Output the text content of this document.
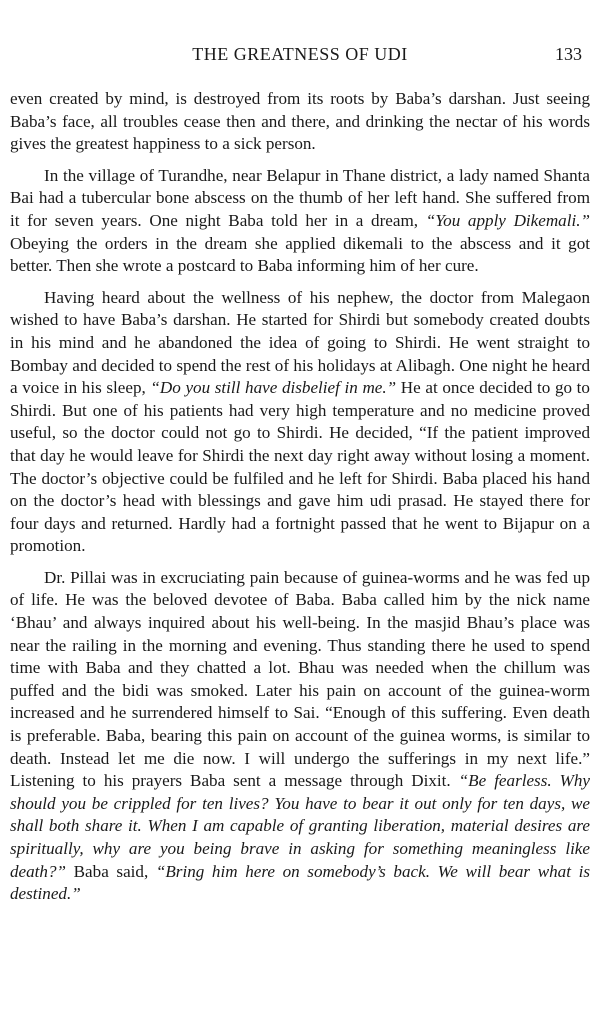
THE GREATNESS OF UDI	133

even created by mind, is destroyed from its roots by Baba’s darshan. Just seeing Baba’s face, all troubles cease then and there, and drinking the nectar of his words gives the greatest happiness to a sick person.

In the village of Turandhe, near Belapur in Thane district, a lady named Shanta Bai had a tubercular bone abscess on the thumb of her left hand. She suffered from it for seven years. One night Baba told her in a dream, “You apply Dikemali.” Obeying the orders in the dream she applied dikemali to the abscess and it got better. Then she wrote a postcard to Baba informing him of her cure.

Having heard about the wellness of his nephew, the doctor from Malegaon wished to have Baba’s darshan. He started for Shirdi but somebody created doubts in his mind and he abandoned the idea of going to Shirdi. He went straight to Bombay and decided to spend the rest of his holidays at Alibagh. One night he heard a voice in his sleep, “Do you still have disbelief in me.” He at once decided to go to Shirdi. But one of his patients had very high temperature and no medicine proved useful, so the doctor could not go to Shirdi. He decided, “If the patient improved that day he would leave for Shirdi the next day right away without losing a moment. The doctor’s objective could be fulfiled and he left for Shirdi. Baba placed his hand on the doctor’s head with blessings and gave him udi prasad. He stayed there for four days and returned. Hardly had a fortnight passed that he went to Bijapur on a promotion.

Dr. Pillai was in excruciating pain because of guinea-worms and he was fed up of life. He was the beloved devotee of Baba. Baba called him by the nick name ‘Bhau’ and always inquired about his well-being. In the masjid Bhau’s place was near the railing in the morning and evening. Thus standing there he used to spend time with Baba and they chatted a lot. Bhau was needed when the chillum was puffed and the bidi was smoked. Later his pain on account of the guinea-worm increased and he surrendered himself to Sai. “Enough of this suffering. Even death is preferable. Baba, bearing this pain on account of the guinea worms, is similar to death. Instead let me die now. I will undergo the sufferings in my next life.” Listening to his prayers Baba sent a message through Dixit. “Be fearless. Why should you be crippled for ten lives? You have to bear it out only for ten days, we shall both share it. When I am capable of granting liberation, material desires are spiritually, why are you being brave in asking for something meaningless like death?” Baba said, “Bring him here on somebody’s back. We will bear what is destined.”
